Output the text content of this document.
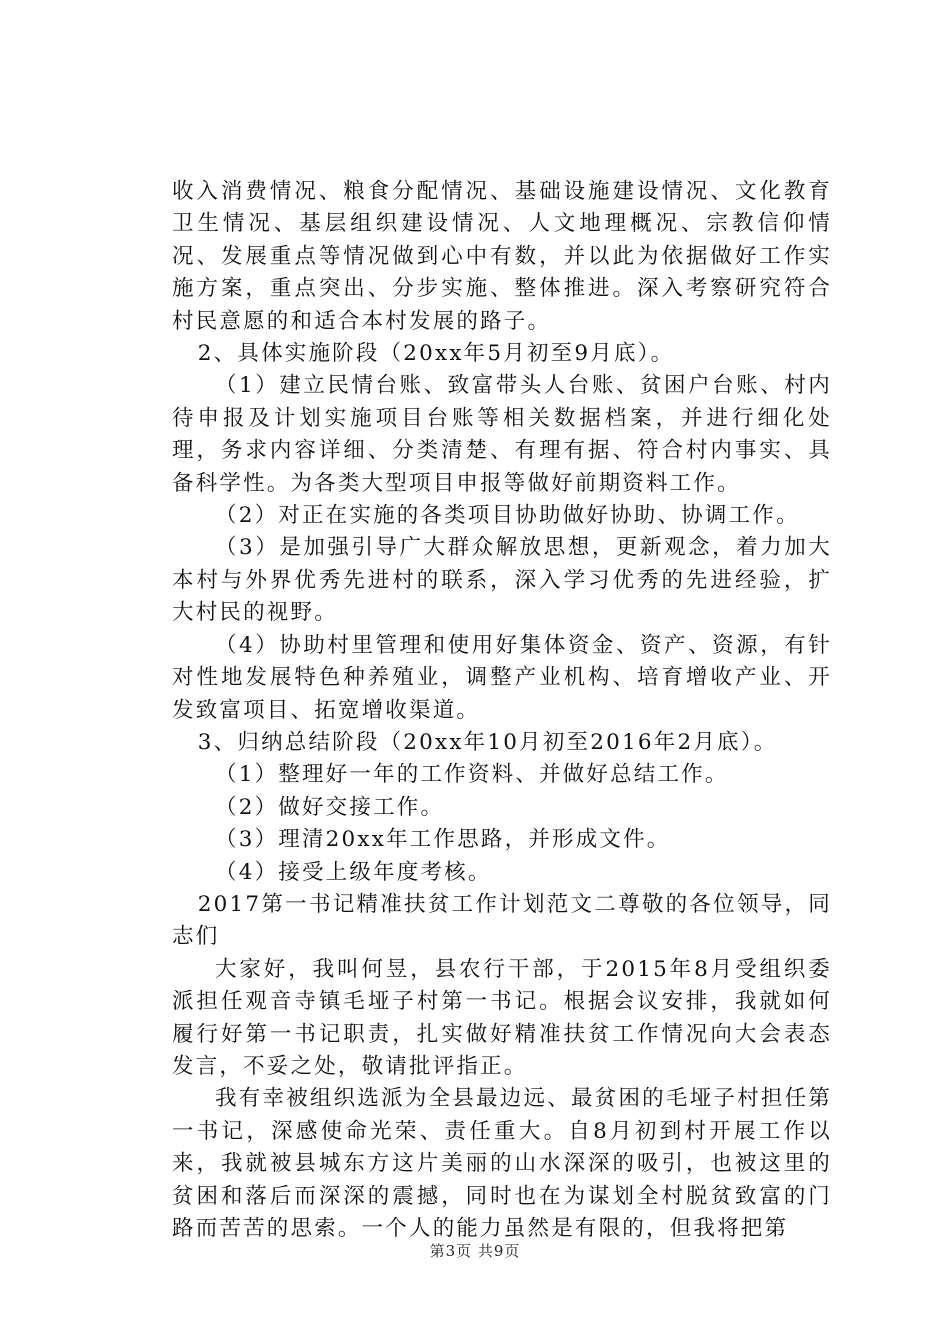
收入消费情况、粮食分配情况、基础设施建设情况、文化教育卫生情况、基层组织建设情况、人文地理概况、宗教信仰情况、发展重点等情况做到心中有数，并以此为依据做好工作实施方案，重点突出、分步实施、整体推进。深入考察研究符合村民意愿的和适合本村发展的路子。

2、具体实施阶段（20xx年5月初至9月底）。

（1）建立民情台账、致富带头人台账、贫困户台账、村内待申报及计划实施项目台账等相关数据档案，并进行细化处理，务求内容详细、分类清楚、有理有据、符合村内事实、具备科学性。为各类大型项目申报等做好前期资料工作。

（2）对正在实施的各类项目协助做好协助、协调工作。

（3）是加强引导广大群众解放思想，更新观念，着力加大本村与外界优秀先进村的联系，深入学习优秀的先进经验，扩大村民的视野。

（4）协助村里管理和使用好集体资金、资产、资源，有针对性地发展特色种养殖业，调整产业机构、培育增收产业、开发致富项目、拓宽增收渠道。

3、归纳总结阶段（20xx年10月初至2016年2月底）。

（1）整理好一年的工作资料、并做好总结工作。

（2）做好交接工作。

（3）理清20xx年工作思路，并形成文件。

（4）接受上级年度考核。

2017第一书记精准扶贫工作计划范文二尊敬的各位领导，同志们

大家好，我叫何昱，县农行干部，于2015年8月受组织委派担任观音寺镇毛垭子村第一书记。根据会议安排，我就如何履行好第一书记职责，扎实做好精准扶贫工作情况向大会表态发言，不妥之处，敬请批评指正。

我有幸被组织选派为全县最边远、最贫困的毛垭子村担任第一书记，深感使命光荣、责任重大。自8月初到村开展工作以来，我就被县城东方这片美丽的山水深深的吸引，也被这里的贫困和落后而深深的震撼，同时也在为谋划全村脱贫致富的门路而苦苦的思索。一个人的能力虽然是有限的，但我将把第

第3页 共9页
